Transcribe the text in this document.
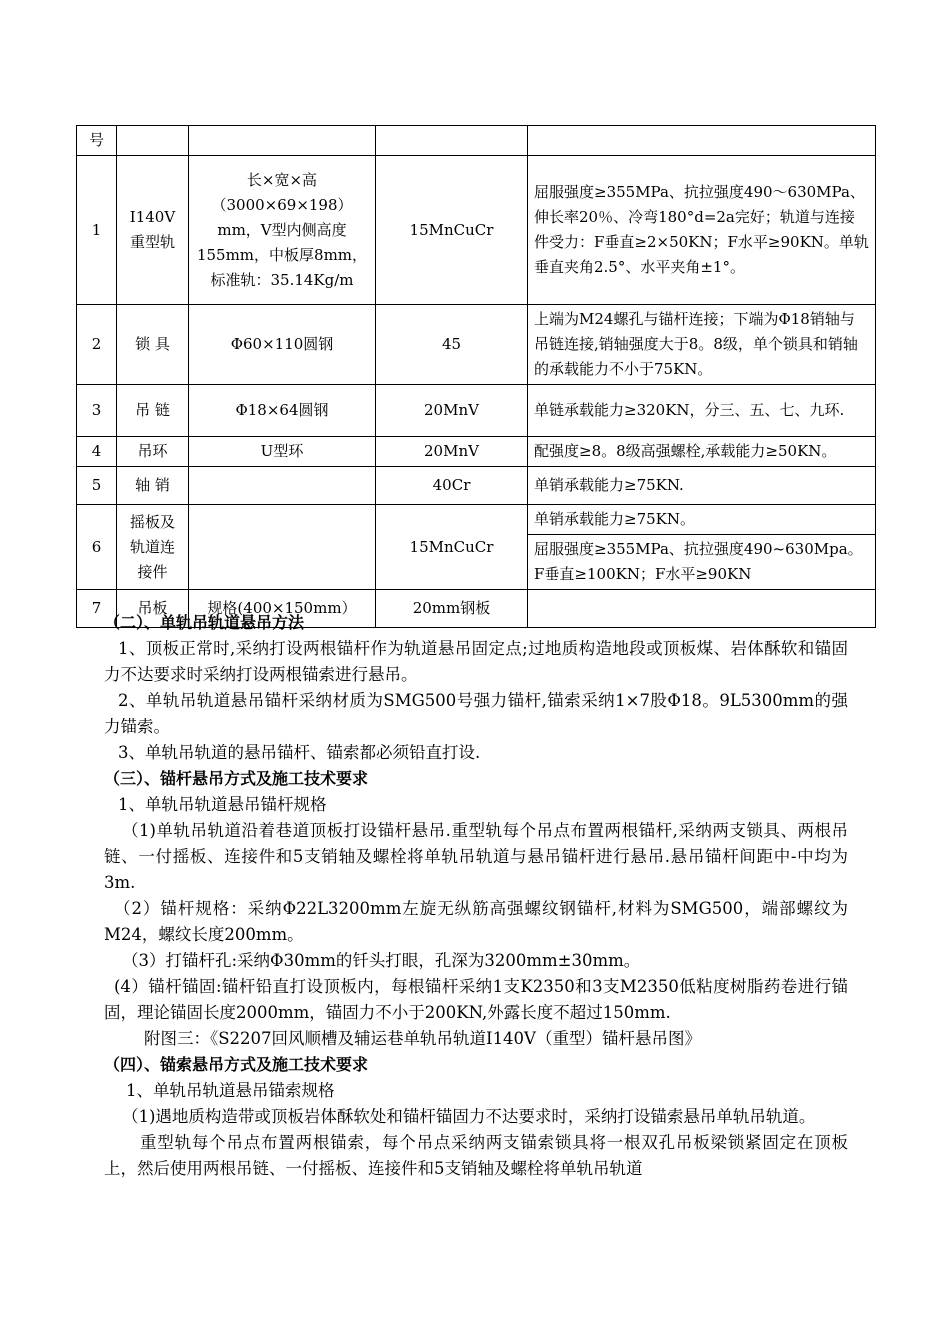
号				
1	I140V重型轨	长×宽×高（3000×69×198）mm，V型内侧高度155mm，中板厚8mm，标准轨：35.14Kg/m	15MnCuCr	屈服强度≥355MPa、抗拉强度490～630MPa、伸长率20％、冷弯180°d=2a完好；轨道与连接件受力：F垂直≥2×50KN；F水平≥90KN。单轨垂直夹角2.5°、水平夹角±1°。
2	锁 具	Φ60×110圆钢	45	上端为M24螺孔与锚杆连接；下端为Φ18销轴与吊链连接,销轴强度大于8。8级，单个锁具和销轴的承载能力不小于75KN。
3	吊 链	Φ18×64圆钢	20MnV	单链承载能力≥320KN，分三、五、七、九环.
4	吊环	U型环	20MnV	配强度≥8。8级高强螺栓,承载能力≥50KN。
5	轴 销		40Cr	单销承载能力≥75KN.
6	摇板及轨道连接件		15MnCuCr	单销承载能力≥75KN。
				屈服强度≥355MPa、抗拉强度490~630Mpa。F垂直≥100KN；F水平≥90KN
7	吊板	规格(400×150mm）	20mm钢板	

（二）、单轨吊轨道悬吊方法

1、顶板正常时,采纳打设两根锚杆作为轨道悬吊固定点;过地质构造地段或顶板煤、岩体酥软和锚固力不达要求时采纳打设两根锚索进行悬吊。

2、单轨吊轨道悬吊锚杆采纳材质为SMG500号强力锚杆,锚索采纳1×7股Φ18。9L5300mm的强力锚索。

3、单轨吊轨道的悬吊锚杆、锚索都必须铅直打设.

（三）、锚杆悬吊方式及施工技术要求

1、单轨吊轨道悬吊锚杆规格

（1)单轨吊轨道沿着巷道顶板打设锚杆悬吊.重型轨每个吊点布置两根锚杆,采纳两支锁具、两根吊链、一付摇板、连接件和5支销轴及螺栓将单轨吊轨道与悬吊锚杆进行悬吊.悬吊锚杆间距中-中均为3m.

（2）锚杆规格：采纳Φ22L3200mm左旋无纵筋高强螺纹钢锚杆,材料为SMG500，端部螺纹为M24，螺纹长度200mm。

（3）打锚杆孔:采纳Φ30mm的钎头打眼，孔深为3200mm±30mm。

(4）锚杆锚固:锚杆铅直打设顶板内，每根锚杆采纳1支K2350和3支M2350低粘度树脂药卷进行锚固，理论锚固长度2000mm，锚固力不小于200KN,外露长度不超过150mm.

附图三：《S2207回风顺槽及辅运巷单轨吊轨道I140V（重型）锚杆悬吊图》

（四）、锚索悬吊方式及施工技术要求

1、单轨吊轨道悬吊锚索规格

（1)遇地质构造带或顶板岩体酥软处和锚杆锚固力不达要求时，采纳打设锚索悬吊单轨吊轨道。

重型轨每个吊点布置两根锚索，每个吊点采纳两支锚索锁具将一根双孔吊板梁锁紧固定在顶板上，然后使用两根吊链、一付摇板、连接件和5支销轴及螺栓将单轨吊轨道
